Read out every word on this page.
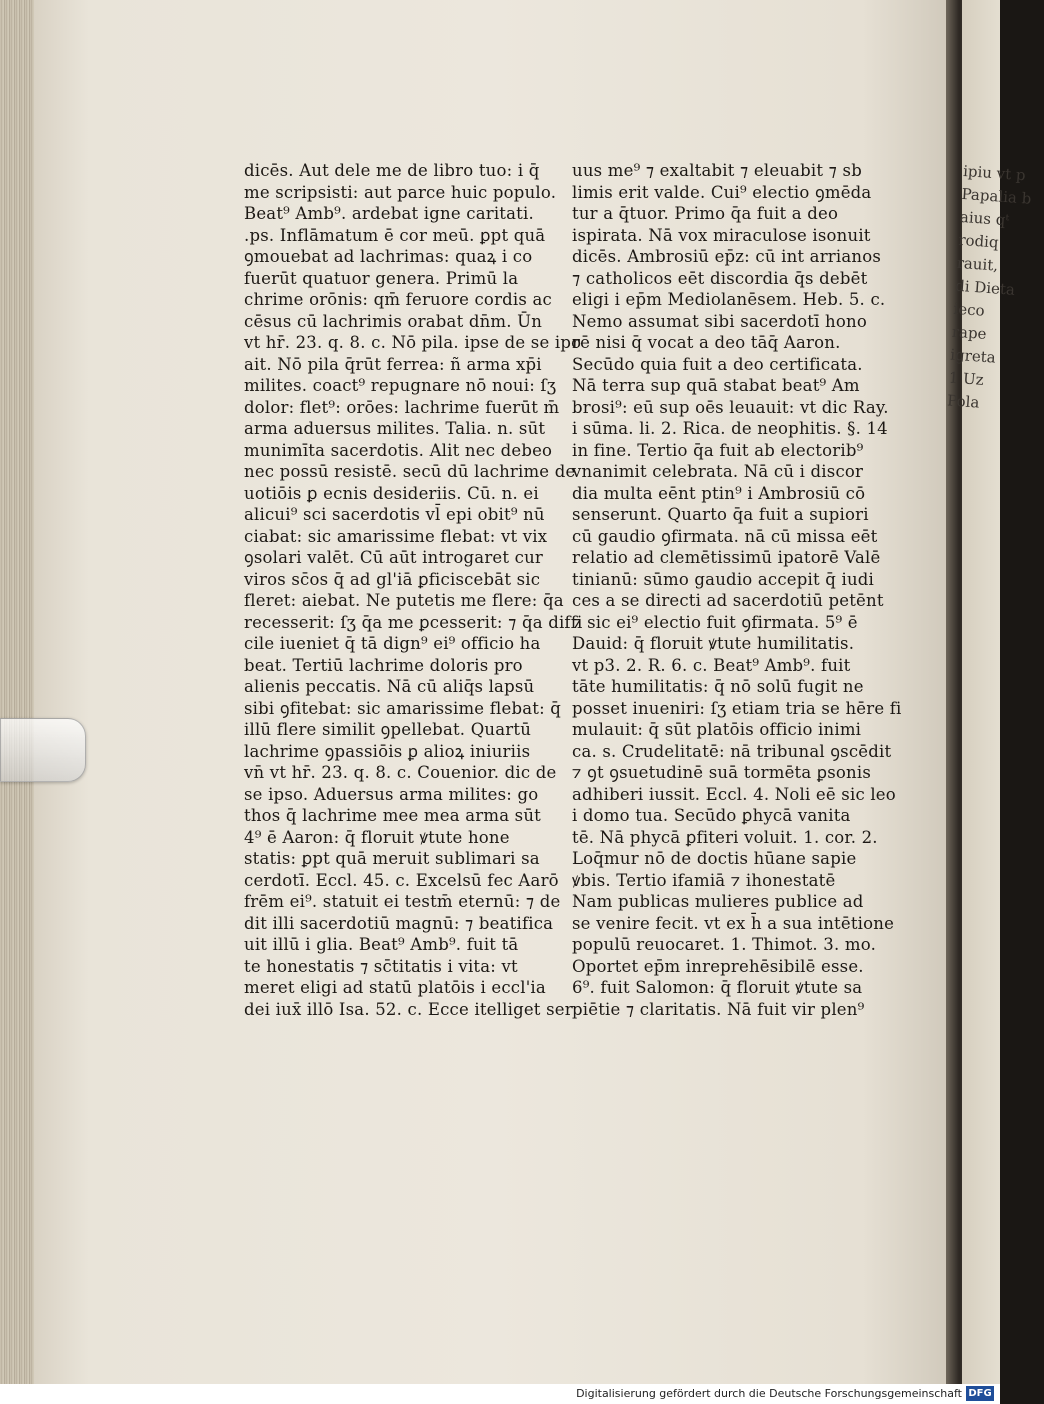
ipiu vt p
Papalia b
aius qᵗ
rodiq
rauit,
di Dieta
ieco
rape
igreta
1 Uz
Pola
dicēs. Aut dele me de libro tuo: i q̄
me scripsisti: aut parce huic populo.
Beat⁹ Amb⁹. ardebat igne caritati.
.ps. Inflāmatum ē cor meū. ꝑpt quā
ꝯmouebat ad lachrimas: quaꝝ i co
fuerūt quatuor genera. Primū la
chrime orōnis: qm̄ feruore cordis ac
cēsus cū lachrimis orabat dn̄m. Ūn
vt hr̄. 23. q. 8. c. Nō pila. ipse de se ipo
ait. Nō pila q̄rūt ferrea: ñ arma xp̄i
milites. coact⁹ repugnare nō noui: ſʒ
dolor: flet⁹: orōes: lachrime fuerūt m̄
arma aduersus milites. Talia. n. sūt
munimīta sacerdotis. Alit nec debeo
nec possū resistē. secū dū lachrime de
uotiōis ꝑ ecnis desideriis. Cū. n. ei
alicui⁹ sci sacerdotis vl̄ epi obit⁹ nū
ciabat: sic amarissime flebat: vt vix
ꝯsolari valēt. Cū aūt introgaret cur
viros sc̄os q̄ ad gl'iā ꝑficiscebāt sic
fleret: aiebat. Ne putetis me flere: q̄a
recesserit: ſʒ q̄a me ꝑcesserit: ⁊ q̄a diffi
cile iueniet q̄ tā dign⁹ ei⁹ officio ha
beat. Tertiū lachrime doloris pro
alienis peccatis. Nā cū aliq̄s lapsū
sibi ꝯfitebat: sic amarissime flebat: q̄
illū flere similit ꝯpellebat. Quartū
lachrime ꝯpassiōis ꝑ alioꝝ iniuriis
vn̄ vt hr̄. 23. q. 8. c. Couenior. dic de
se ipso. Aduersus arma milites: go
thos q̄ lachrime mee mea arma sūt
4⁹ ē Aaron: q̄ floruit ꝟtute hone
statis: ꝑpt quā meruit sublimari sa
cerdotī. Eccl. 45. c. Excelsū fec Aarō
frēm ei⁹. statuit ei testm̄ eternū: ⁊ de
dit illi sacerdotiū magnū: ⁊ beatifica
uit illū i glia. Beat⁹ Amb⁹. fuit tā
te honestatis ⁊ sc̄titatis i vita: vt
meret eligi ad statū platōis i eccl'ia
dei iux̄ illō Isa. 52. c. Ecce itelliget ser
uus me⁹ ⁊ exaltabit ⁊ eleuabit ⁊ sb
limis erit valde. Cui⁹ electio ꝯmēda
tur a q̄tuor. Primo q̄a fuit a deo
ispirata. Nā vox miraculose isonuit
dicēs. Ambrosiū ep̄z: cū int arrianos
⁊ catholicos eēt discordia q̄s debēt
eligi i ep̄m Mediolanēsem. Heb. 5. c.
Nemo assumat sibi sacerdotī hono
rē nisi q̄ vocat a deo tāq̄ Aaron.
Secūdo quia fuit a deo certificata.
Nā terra sup quā stabat beat⁹ Am
brosi⁹: eū sup oēs leuauit: vt dic Ray.
i sūma. li. 2. Rica. de neophitis. §. 14
in fine. Tertio q̄a fuit ab electorib⁹
vnanimit celebrata. Nā cū i discor
dia multa eēnt ptin⁹ i Ambrosiū cō
senserunt. Quarto q̄a fuit a supiori
cū gaudio ꝯfirmata. nā cū missa eēt
relatio ad clemētissimū ipatorē Valē
tinianū: sūmo gaudio accepit q̄ iudi
ces a se directi ad sacerdotiū petēnt
⁊ sic ei⁹ electio fuit ꝯfirmata. 5⁹ ē
Dauid: q̄ floruit ꝟtute humilitatis.
vt p3. 2. R. 6. c. Beat⁹ Amb⁹. fuit
tāte humilitatis: q̄ nō solū fugit ne
posset inueniri: ſʒ etiam tria se hēre fi
mulauit: q̄ sūt platōis officio inimi
ca. s. Crudelitatē: nā tribunal ꝯscēdit
⁊ ꝯt ꝯsuetudinē suā tormēta ꝑsonis
adhiberi iussit. Eccl. 4. Noli eē sic leo
i domo tua. Secūdo ꝑhycā vanita
tē. Nā phycā ꝑfiteri voluit. 1. cor. 2.
Loq̄mur nō de doctis hūane sapie
ꝟbis. Tertio ifamiā ⁊ ihonestatē
Nam publicas mulieres publice ad
se venire fecit. vt ex h̄ a sua intētione
populū reuocaret. 1. Thimot. 3. mo.
Oportet ep̄m inreprehēsibilē esse.
6⁹. fuit Salomon: q̄ floruit ꝟtute sa
piētie ⁊ claritatis. Nā fuit vir plen⁹
Digitalisierung gefördert durch die Deutsche Forschungsgemeinschaft DFG
